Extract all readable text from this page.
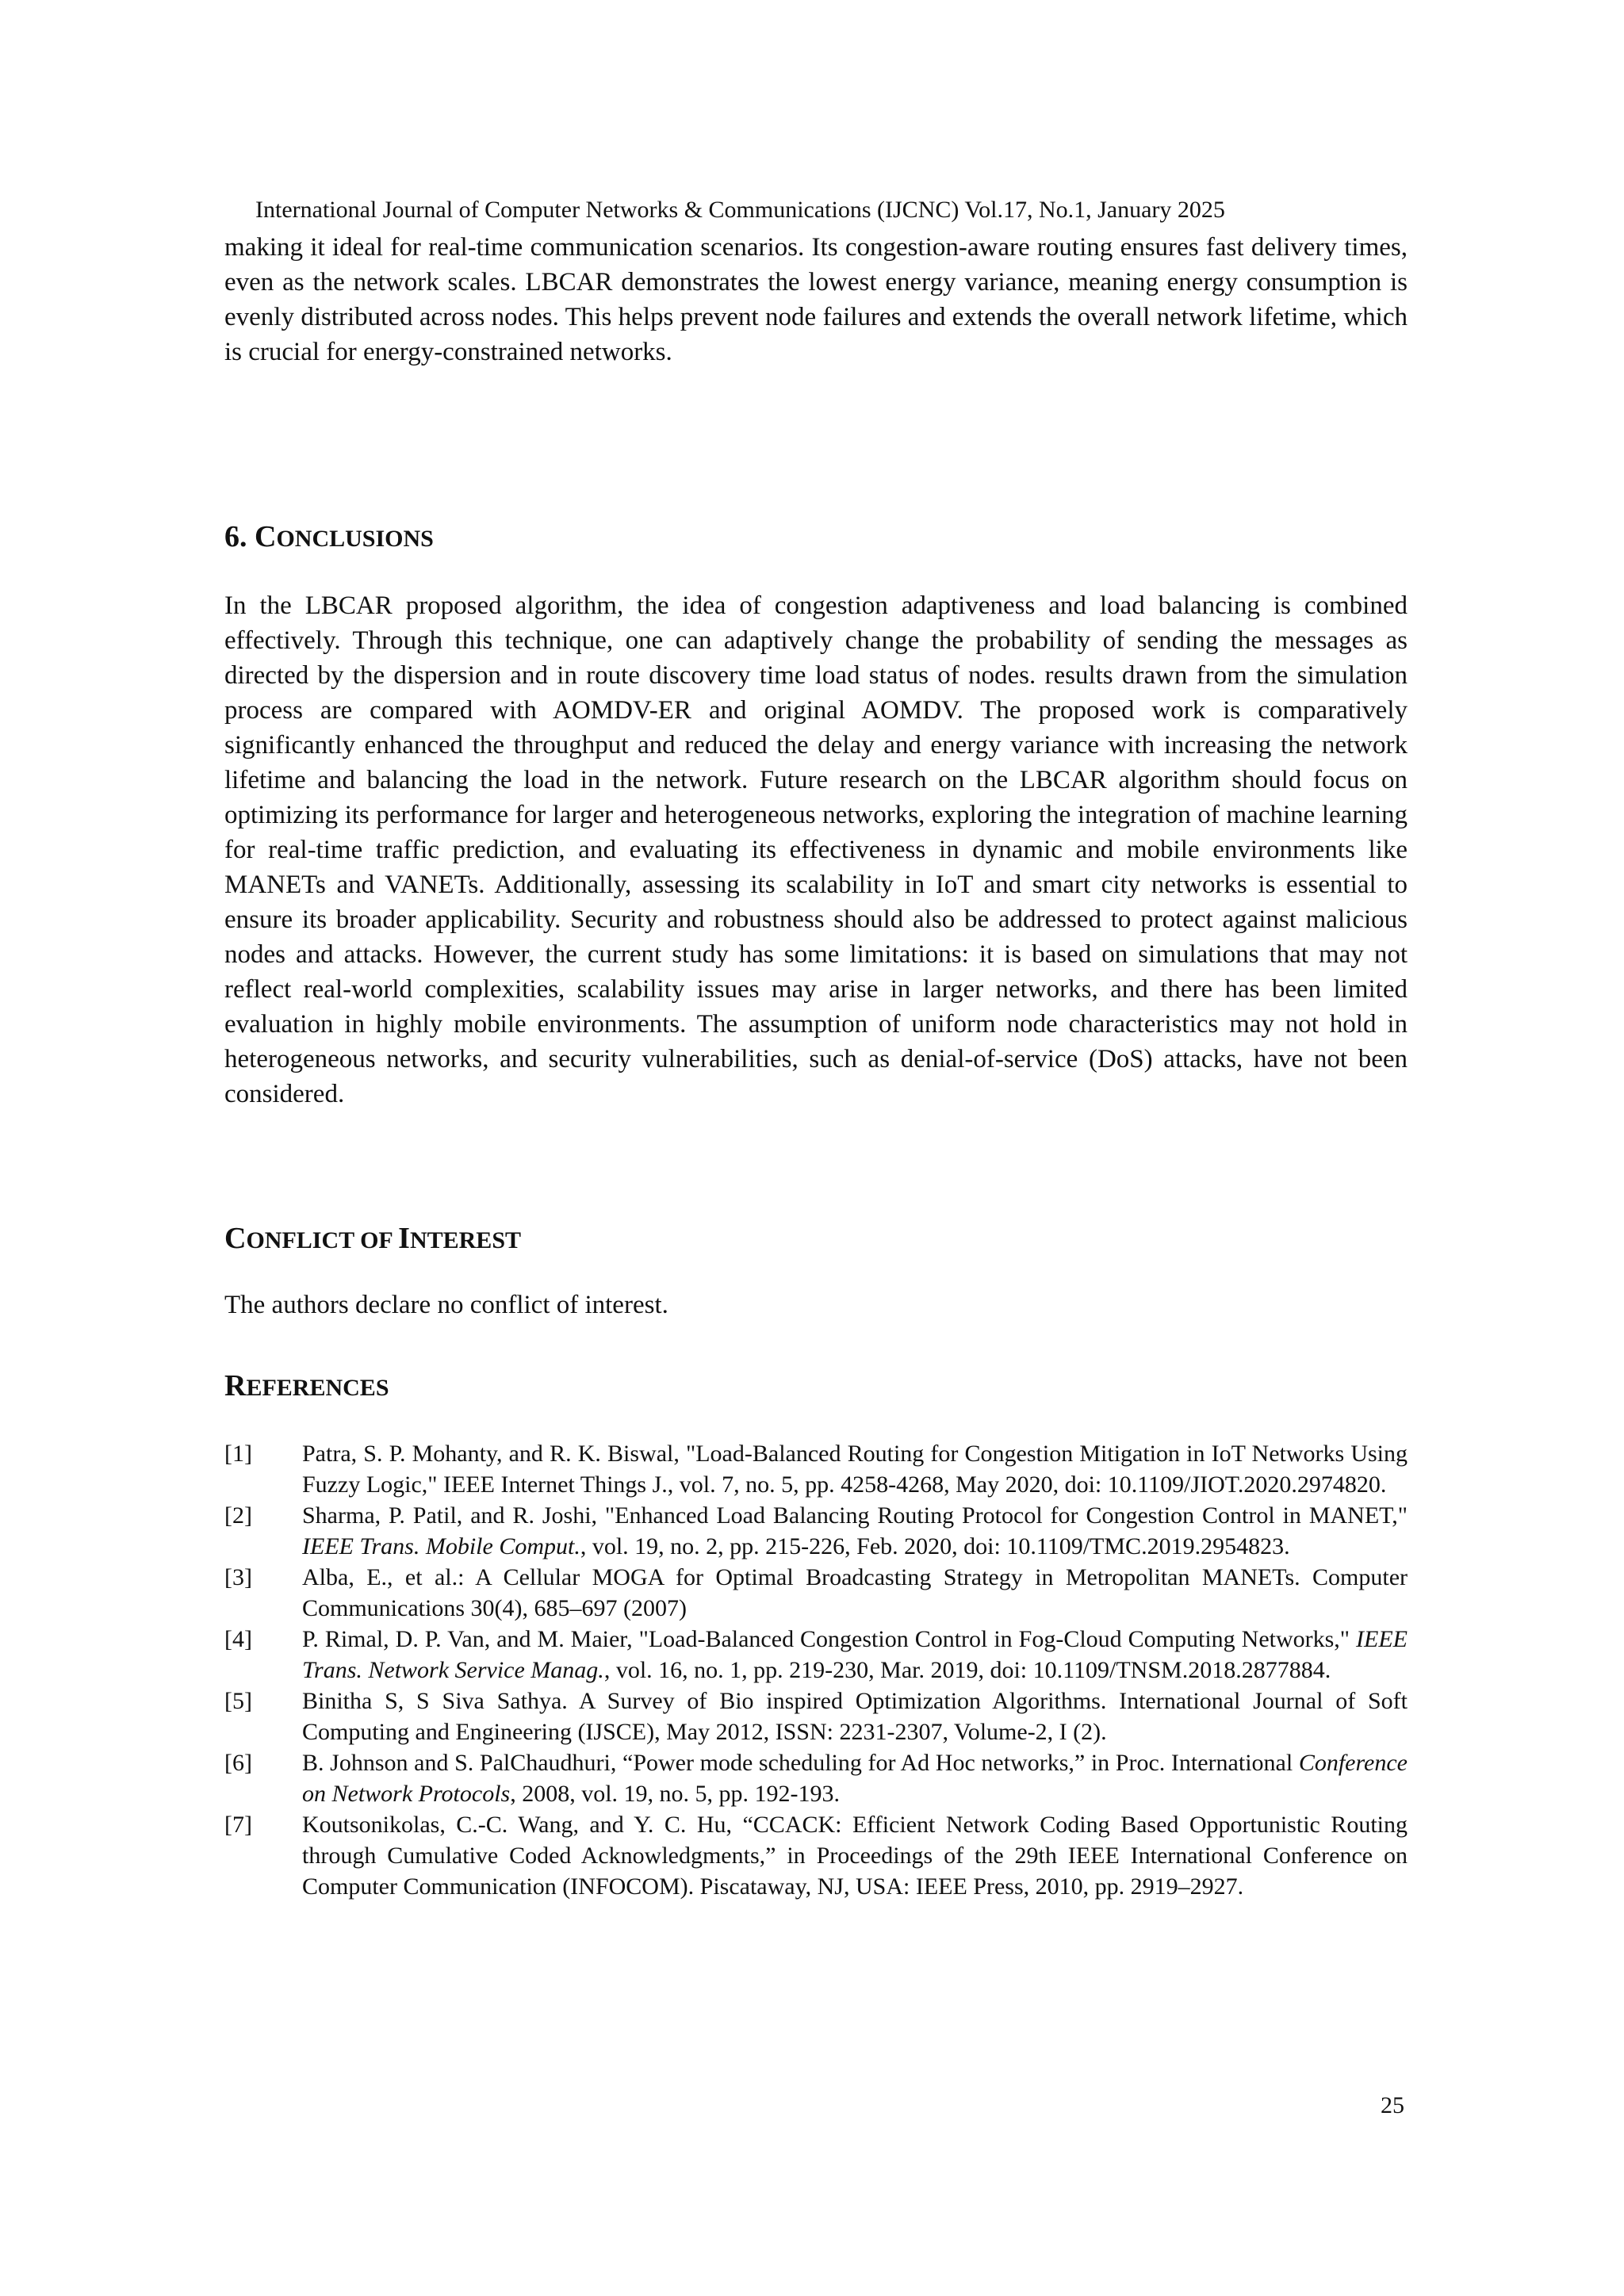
International Journal of Computer Networks & Communications (IJCNC) Vol.17, No.1, January 2025

making it ideal for real-time communication scenarios. Its congestion-aware routing ensures fast delivery times, even as the network scales. LBCAR demonstrates the lowest energy variance, meaning energy consumption is evenly distributed across nodes. This helps prevent node failures and extends the overall network lifetime, which is crucial for energy-constrained networks.

6. CONCLUSIONS

In the LBCAR proposed algorithm, the idea of congestion adaptiveness and load balancing is combined effectively. Through this technique, one can adaptively change the probability of sending the messages as directed by the dispersion and in route discovery time load status of nodes. results drawn from the simulation process are compared with AOMDV-ER and original AOMDV. The proposed work is comparatively significantly enhanced the throughput and reduced the delay and energy variance with increasing the network lifetime and balancing the load in the network. Future research on the LBCAR algorithm should focus on optimizing its performance for larger and heterogeneous networks, exploring the integration of machine learning for real-time traffic prediction, and evaluating its effectiveness in dynamic and mobile environments like MANETs and VANETs. Additionally, assessing its scalability in IoT and smart city networks is essential to ensure its broader applicability. Security and robustness should also be addressed to protect against malicious nodes and attacks. However, the current study has some limitations: it is based on simulations that may not reflect real-world complexities, scalability issues may arise in larger networks, and there has been limited evaluation in highly mobile environments. The assumption of uniform node characteristics may not hold in heterogeneous networks, and security vulnerabilities, such as denial-of-service (DoS) attacks, have not been considered.

CONFLICT OF INTEREST

The authors declare no conflict of interest.

REFERENCES
[1]	Patra, S. P. Mohanty, and R. K. Biswal, "Load-Balanced Routing for Congestion Mitigation in IoT Networks Using Fuzzy Logic," IEEE Internet Things J., vol. 7, no. 5, pp. 4258-4268, May 2020, doi: 10.1109/JIOT.2020.2974820.
[2]	Sharma, P. Patil, and R. Joshi, "Enhanced Load Balancing Routing Protocol for Congestion Control in MANET," IEEE Trans. Mobile Comput., vol. 19, no. 2, pp. 215-226, Feb. 2020, doi: 10.1109/TMC.2019.2954823.
[3]	Alba, E., et al.: A Cellular MOGA for Optimal Broadcasting Strategy in Metropolitan MANETs. Computer Communications 30(4), 685–697 (2007)
[4]	P. Rimal, D. P. Van, and M. Maier, "Load-Balanced Congestion Control in Fog-Cloud Computing Networks," IEEE Trans. Network Service Manag., vol. 16, no. 1, pp. 219-230, Mar. 2019, doi: 10.1109/TNSM.2018.2877884.
[5]	Binitha S, S Siva Sathya. A Survey of Bio inspired Optimization Algorithms. International Journal of Soft Computing and Engineering (IJSCE), May 2012, ISSN: 2231-2307, Volume-2, I (2).
[6]	B. Johnson and S. PalChaudhuri, “Power mode scheduling for Ad Hoc networks,” in Proc. International Conference on Network Protocols, 2008, vol. 19, no. 5, pp. 192-193.
[7]	Koutsonikolas, C.-C. Wang, and Y. C. Hu, “CCACK: Efficient Network Coding Based Opportunistic Routing through Cumulative Coded Acknowledgments,” in Proceedings of the 29th IEEE International Conference on Computer Communication (INFOCOM). Piscataway, NJ, USA: IEEE Press, 2010, pp. 2919–2927.
25
